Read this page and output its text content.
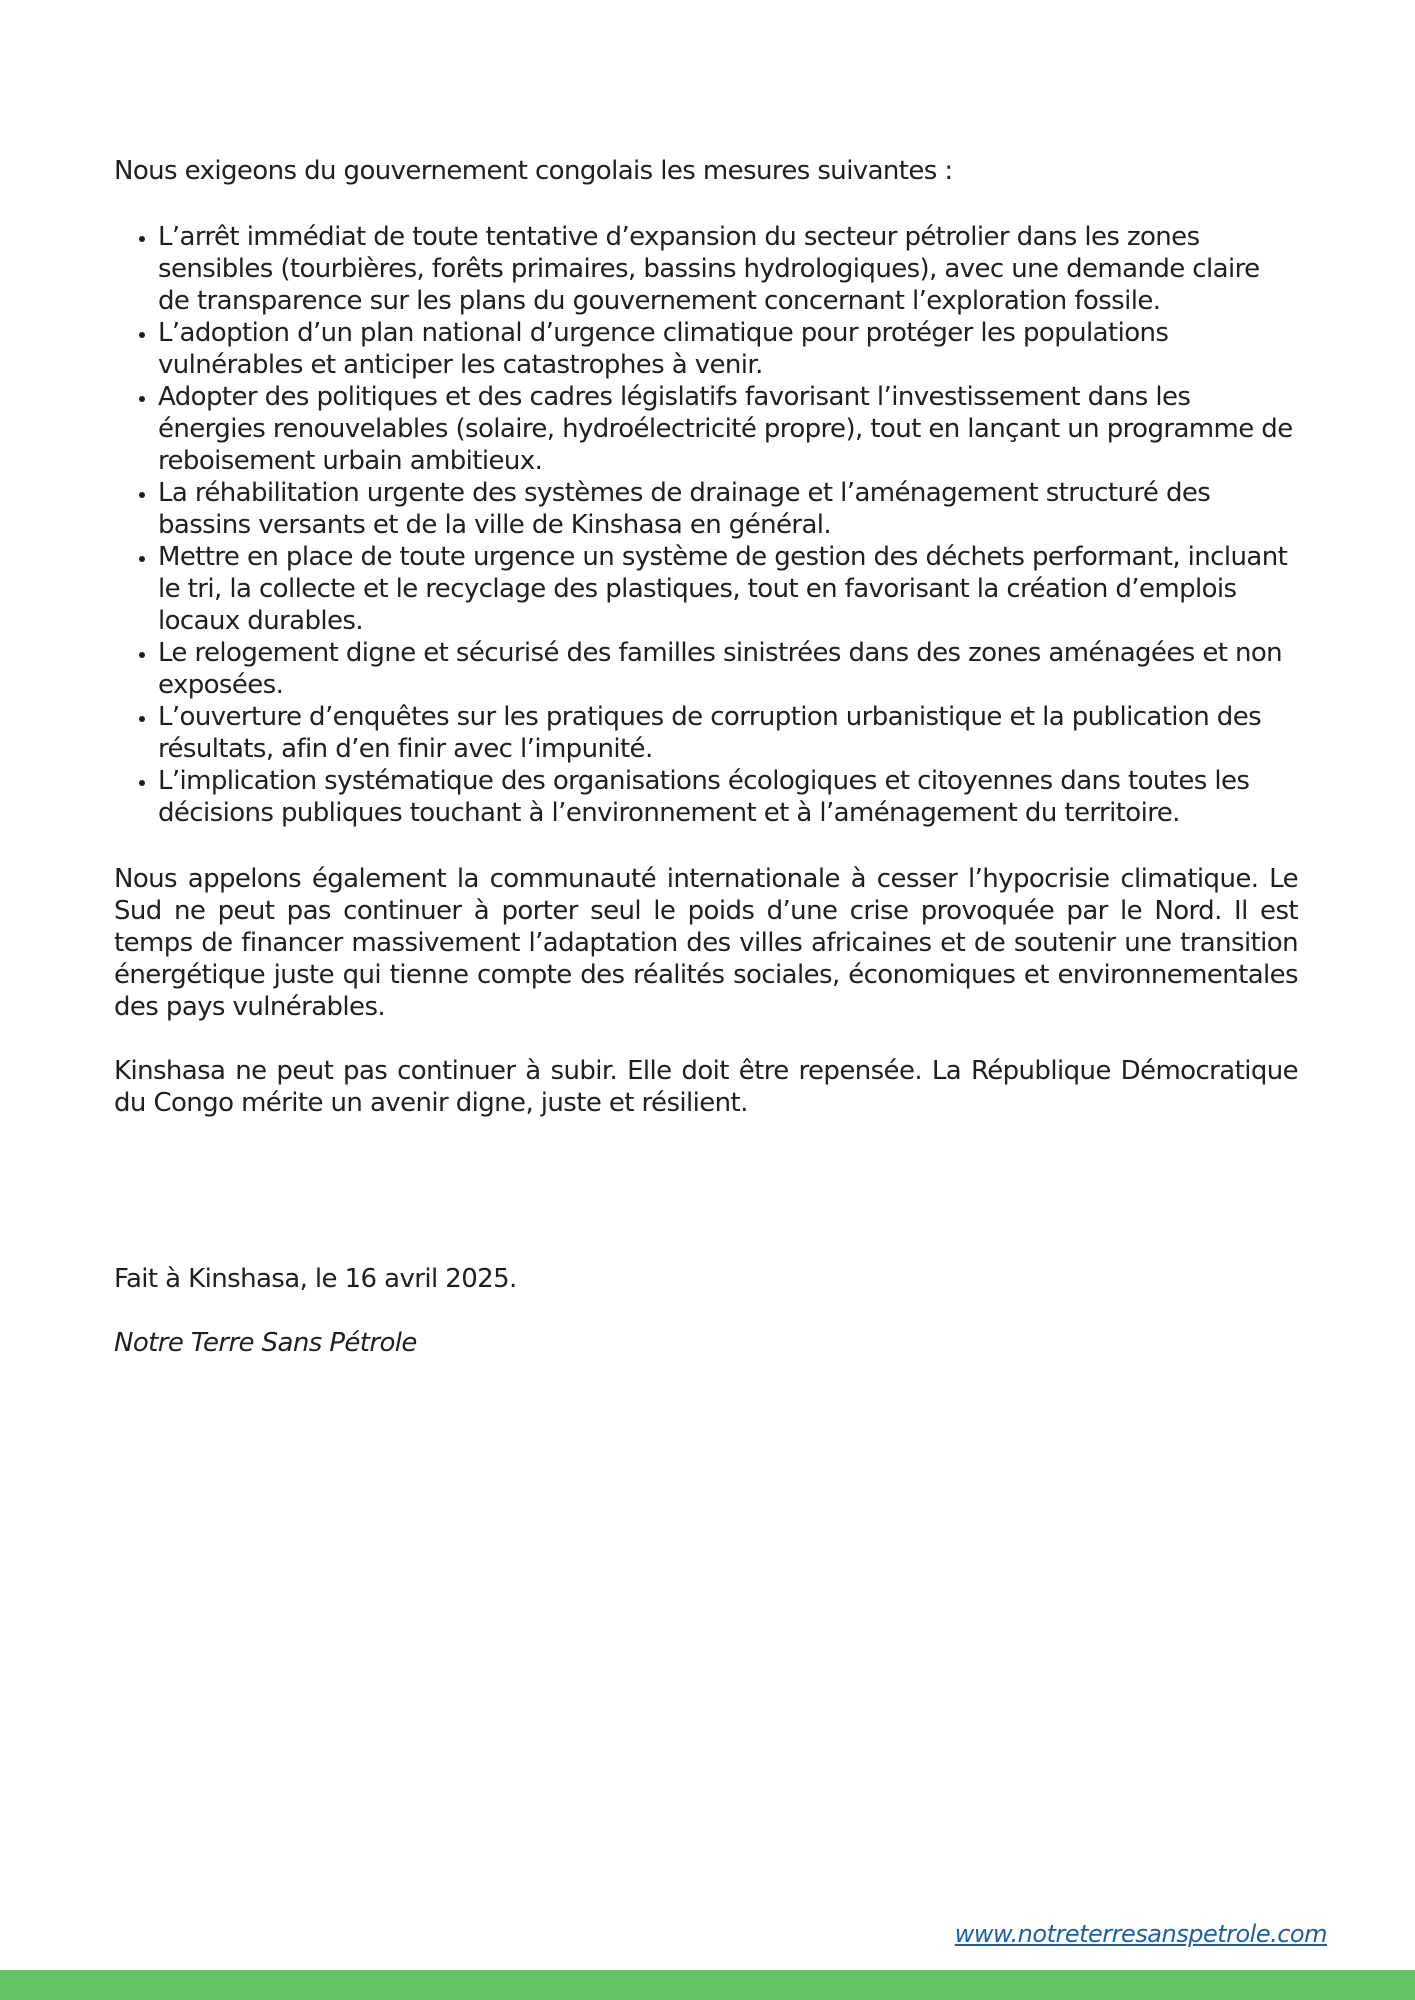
Nous exigeons du gouvernement congolais les mesures suivantes :

• L’arrêt immédiat de toute tentative d’expansion du secteur pétrolier dans les zones sensibles (tourbières, forêts primaires, bassins hydrologiques), avec une demande claire de transparence sur les plans du gouvernement concernant l’exploration fossile.
• L’adoption d’un plan national d’urgence climatique pour protéger les populations vulnérables et anticiper les catastrophes à venir.
• Adopter des politiques et des cadres législatifs favorisant l’investissement dans les énergies renouvelables (solaire, hydroélectricité propre), tout en lançant un programme de reboisement urbain ambitieux.
• La réhabilitation urgente des systèmes de drainage et l’aménagement structuré des bassins versants et de la ville de Kinshasa en général.
• Mettre en place de toute urgence un système de gestion des déchets performant, incluant le tri, la collecte et le recyclage des plastiques, tout en favorisant la création d’emplois locaux durables.
• Le relogement digne et sécurisé des familles sinistrées dans des zones aménagées et non exposées.
• L’ouverture d’enquêtes sur les pratiques de corruption urbanistique et la publication des résultats, afin d’en finir avec l’impunité.
• L’implication systématique des organisations écologiques et citoyennes dans toutes les décisions publiques touchant à l’environnement et à l’aménagement du territoire.

Nous appelons également la communauté internationale à cesser l’hypocrisie climatique. Le Sud ne peut pas continuer à porter seul le poids d’une crise provoquée par le Nord. Il est temps de financer massivement l’adaptation des villes africaines et de soutenir une transition énergétique juste qui tienne compte des réalités sociales, économiques et environnementales des pays vulnérables.

Kinshasa ne peut pas continuer à subir. Elle doit être repensée. La République Démocratique du Congo mérite un avenir digne, juste et résilient.

Fait à Kinshasa, le 16 avril 2025.

Notre Terre Sans Pétrole

www.notreterresanspetrole.com
